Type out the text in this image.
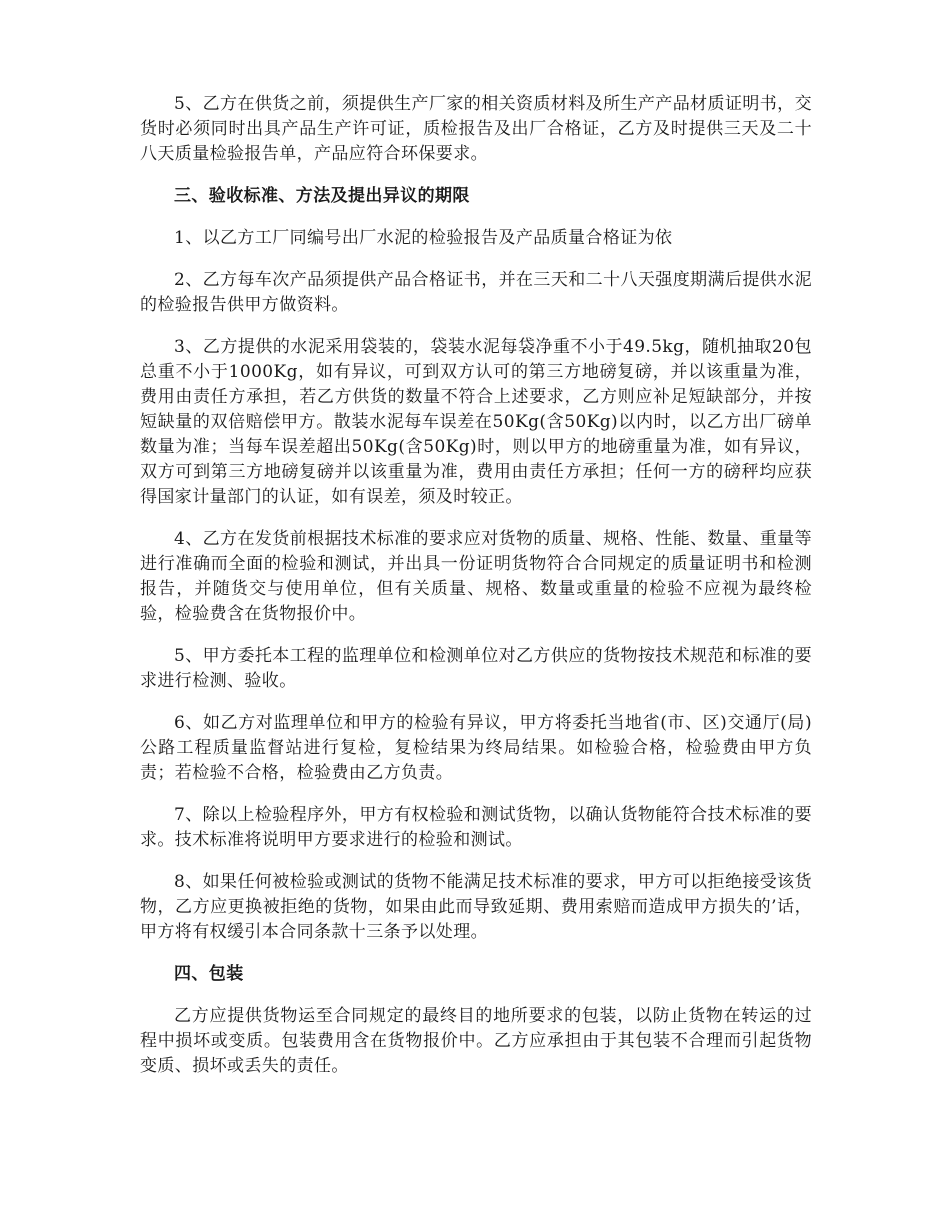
5、乙方在供货之前，须提供生产厂家的相关资质材料及所生产产品材质证明书，交货时必须同时出具产品生产许可证，质检报告及出厂合格证，乙方及时提供三天及二十八天质量检验报告单，产品应符合环保要求。

三、验收标准、方法及提出异议的期限

1、以乙方工厂同编号出厂水泥的检验报告及产品质量合格证为依

2、乙方每车次产品须提供产品合格证书，并在三天和二十八天强度期满后提供水泥的检验报告供甲方做资料。

3、乙方提供的水泥采用袋装的，袋装水泥每袋净重不小于49.5kg，随机抽取20包总重不小于1000Kg，如有异议，可到双方认可的第三方地磅复磅，并以该重量为准，费用由责任方承担，若乙方供货的数量不符合上述要求，乙方则应补足短缺部分，并按短缺量的双倍赔偿甲方。散装水泥每车误差在50Kg(含50Kg)以内时，以乙方出厂磅单数量为准；当每车误差超出50Kg(含50Kg)时，则以甲方的地磅重量为准，如有异议，双方可到第三方地磅复磅并以该重量为准，费用由责任方承担；任何一方的磅秤均应获得国家计量部门的认证，如有误差，须及时较正。

4、乙方在发货前根据技术标准的要求应对货物的质量、规格、性能、数量、重量等进行准确而全面的检验和测试，并出具一份证明货物符合合同规定的质量证明书和检测报告，并随货交与使用单位，但有关质量、规格、数量或重量的检验不应视为最终检验，检验费含在货物报价中。

5、甲方委托本工程的监理单位和检测单位对乙方供应的货物按技术规范和标准的要求进行检测、验收。

6、如乙方对监理单位和甲方的检验有异议，甲方将委托当地省(市、区)交通厅(局)公路工程质量监督站进行复检，复检结果为终局结果。如检验合格，检验费由甲方负责；若检验不合格，检验费由乙方负责。

7、除以上检验程序外，甲方有权检验和测试货物，以确认货物能符合技术标准的要求。技术标准将说明甲方要求进行的检验和测试。

8、如果任何被检验或测试的货物不能满足技术标准的要求，甲方可以拒绝接受该货物，乙方应更换被拒绝的货物，如果由此而导致延期、费用索赔而造成甲方损失的’话，甲方将有权缓引本合同条款十三条予以处理。

四、包装

乙方应提供货物运至合同规定的最终目的地所要求的包装，以防止货物在转运的过程中损坏或变质。包装费用含在货物报价中。乙方应承担由于其包装不合理而引起货物变质、损坏或丢失的责任。
